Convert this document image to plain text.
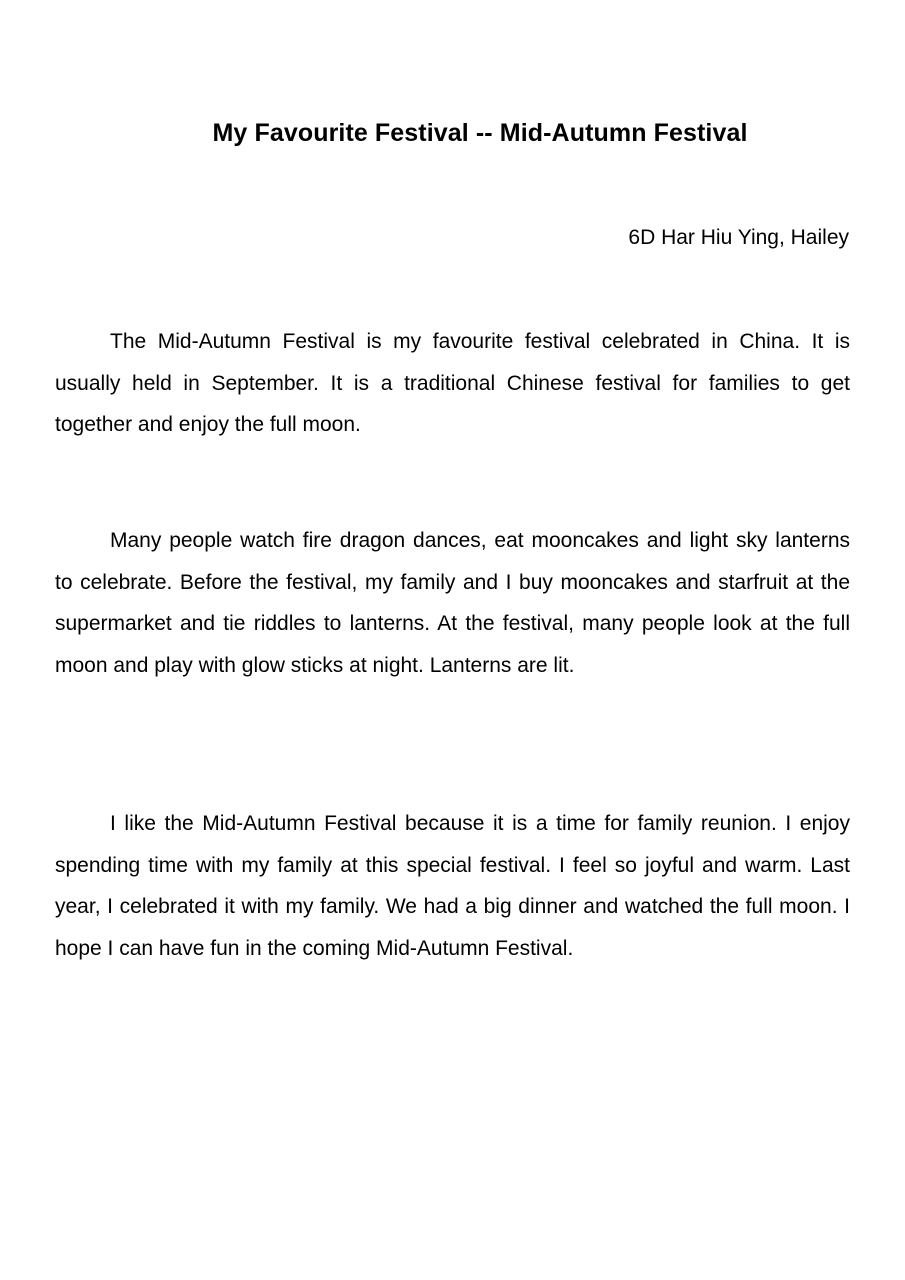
My Favourite Festival -- Mid-Autumn Festival

6D Har Hiu Ying, Hailey

The Mid-Autumn Festival is my favourite festival celebrated in China. It is usually held in September. It is a traditional Chinese festival for families to get together and enjoy the full moon.

Many people watch fire dragon dances, eat mooncakes and light sky lanterns to celebrate. Before the festival, my family and I buy mooncakes and starfruit at the supermarket and tie riddles to lanterns. At the festival, many people look at the full moon and play with glow sticks at night. Lanterns are lit.

I like the Mid-Autumn Festival because it is a time for family reunion. I enjoy spending time with my family at this special festival. I feel so joyful and warm. Last year, I celebrated it with my family. We had a big dinner and watched the full moon. I hope I can have fun in the coming Mid-Autumn Festival.
